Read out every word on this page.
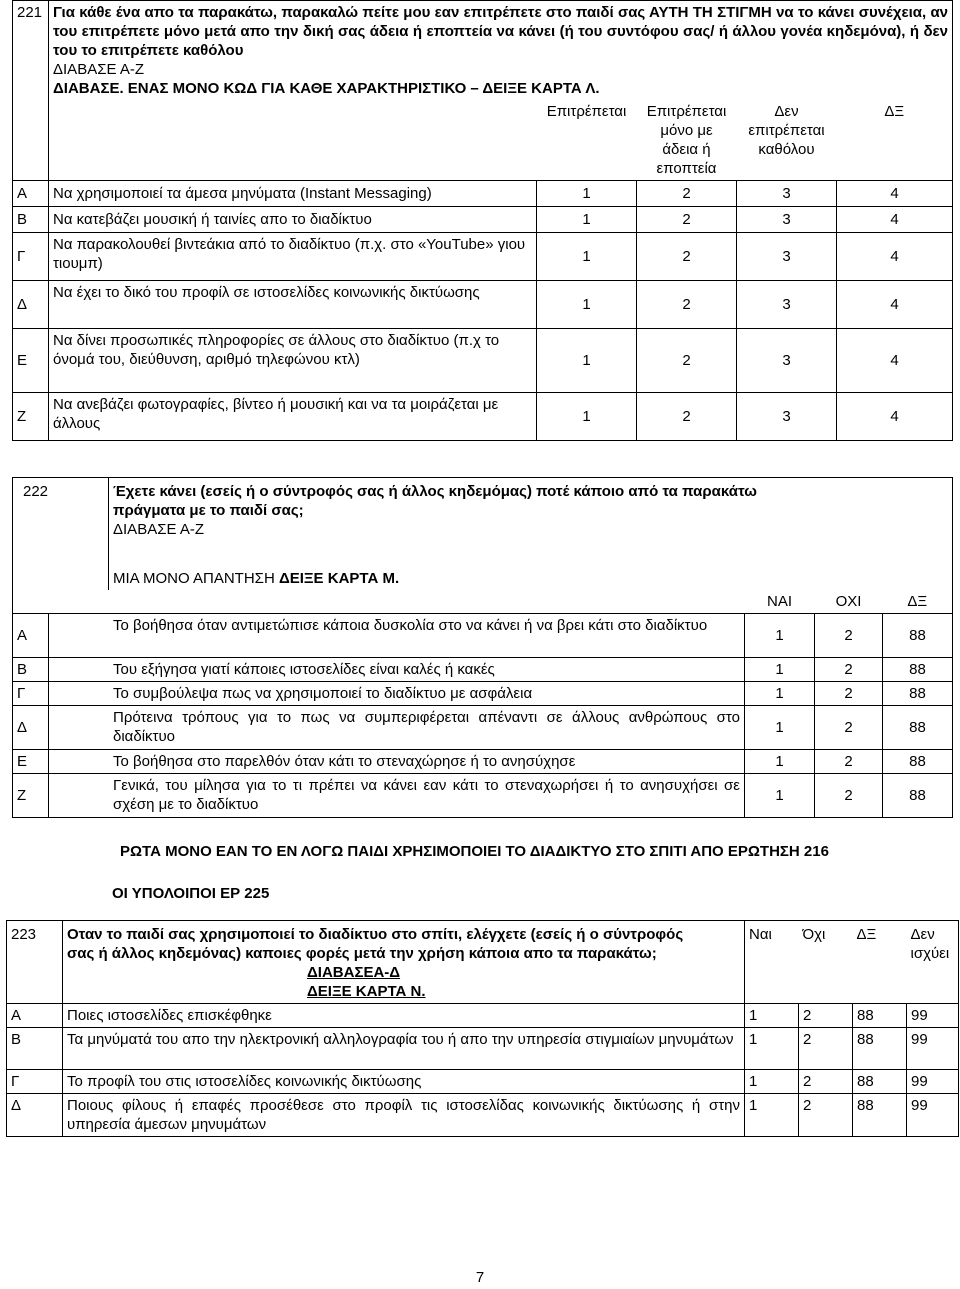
221	Για κάθε ένα απο τα παρακάτω, παρακαλώ πείτε μου εαν επιτρέπετε στο παιδί σας ΑΥΤΗ ΤΗ ΣΤΙΓΜΗ να το κάνει συνέχεια, αν του επιτρέπετε μόνο μετά απο την δική σας άδεια ή εποπτεία να κάνει (ή του συντόφου σας/ ή άλλου γονέα κηδεμόνα), ή δεν του το επιτρέπετε καθόλου
ΔΙΑΒΑΣΕ Α-Ζ
ΔΙΑΒΑΣΕ. ΕΝΑΣ ΜΟΝΟ ΚΩΔ ΓΙΑ ΚΑΘΕ ΧΑΡΑΚΤΗΡΙΣΤΙΚΟ – ΔΕΙΞΕ ΚΑΡΤΑ Λ.				

		Επιτρέπεται	Επιτρέπεται μόνο με άδεια ή εποπτεία	Δεν επιτρέπεται καθόλου	ΔΞ
Α	Να χρησιμοποιεί τα άμεσα μηνύματα (Instant Messaging)	1	2	3	4
Β	Να κατεβάζει μουσική ή ταινίες απο το διαδίκτυο	1	2	3	4
Γ	Να παρακολουθεί βιντεάκια από το διαδίκτυο (π.χ. στο «YouTube» γιου τιουμπ)	1	2	3	4
Δ	Να έχει το δικό του προφίλ σε ιστοσελίδες κοινωνικής δικτύωσης	1	2	3	4
Ε	Να δίνει προσωπικές πληροφορίες σε άλλους στο διαδίκτυο (π.χ το όνομά του, διεύθυνση, αριθμό τηλεφώνου κτλ)	1	2	3	4
Ζ	Να ανεβάζει φωτογραφίες, βίντεο ή μουσική και να τα μοιράζεται με άλλους	1	2	3	4
222		Έχετε κάνει (εσείς ή ο σύντροφός σας ή άλλος κηδεμόμας) ποτέ κάποιο από τα παρακάτω πράγματα με το παιδί σας;
ΔΙΑΒΑΣΕ Α-Ζ
ΜΙΑ ΜΟΝΟ ΑΠΑΝΤΗΣΗ ΔΕΙΞΕ ΚΑΡΤΑ Μ.			

			ΝΑΙ	ΟΧΙ	ΔΞ
Α	Το βοήθησα όταν αντιμετώπισε κάποια δυσκολία στο να κάνει ή να βρει κάτι στο διαδίκτυο		1	2	88
Β	Του εξήγησα γιατί κάποιες ιστοσελίδες είναι καλές ή κακές		1	2	88
Γ	Το συμβούλεψα πως να χρησιμοποιεί το διαδίκτυο με ασφάλεια		1	2	88
Δ	Πρότεινα τρόπους για το πως να συμπεριφέρεται απέναντι σε άλλους ανθρώπους στο διαδίκτυο		1	2	88
Ε	Το βοήθησα στο παρελθόν όταν κάτι το στεναχώρησε ή το ανησύχησε		1	2	88
Ζ	Γενικά, του μίλησα για το τι πρέπει να κάνει εαν κάτι το στεναχωρήσει ή το ανησυχήσει σε σχέση με το διαδίκτυο		1	2	88
ΡΩΤΑ ΜΟΝΟ ΕΑΝ ΤΟ ΕΝ ΛΟΓΩ ΠΑΙΔΙ ΧΡΗΣΙΜΟΠΟΙΕΙ ΤΟ ΔΙΑΔΙΚΤΥΟ ΣΤΟ ΣΠΙΤΙ ΑΠΟ ΕΡΩΤΗΣΗ 216
ΟΙ ΥΠΟΛΟΙΠΟΙ ΕΡ 225
223	Οταν το παιδί σας χρησιμοποιεί το διαδίκτυο στο σπίτι, ελέγχετε (εσείς ή ο σύντροφός σας ή άλλος κηδεμόνας) καποιες φορές μετά την χρήση κάποια απο τα παρακάτω;
ΔΙΑΒΑΣΕΑ-Δ
ΔΕΙΞΕ ΚΑΡΤΑ Ν.	Ναι	Όχι	ΔΞ	Δεν ισχύει
Α	Ποιες ιστοσελίδες επισκέφθηκε	1	2	88	99
Β	Τα μηνύματά του απο την ηλεκτρονική αλληλογραφία του ή απο την υπηρεσία στιγμιαίων μηνυμάτων	1	2	88	99
Γ	Το προφίλ του στις ιστοσελίδες κοινωνικής δικτύωσης	1	2	88	99
Δ	Ποιους φίλους ή επαφές προσέθεσε στο προφίλ τις ιστοσελίδας κοινωνικής δικτύωσης ή στην υπηρεσία άμεσων μηνυμάτων	1	2	88	99
7
